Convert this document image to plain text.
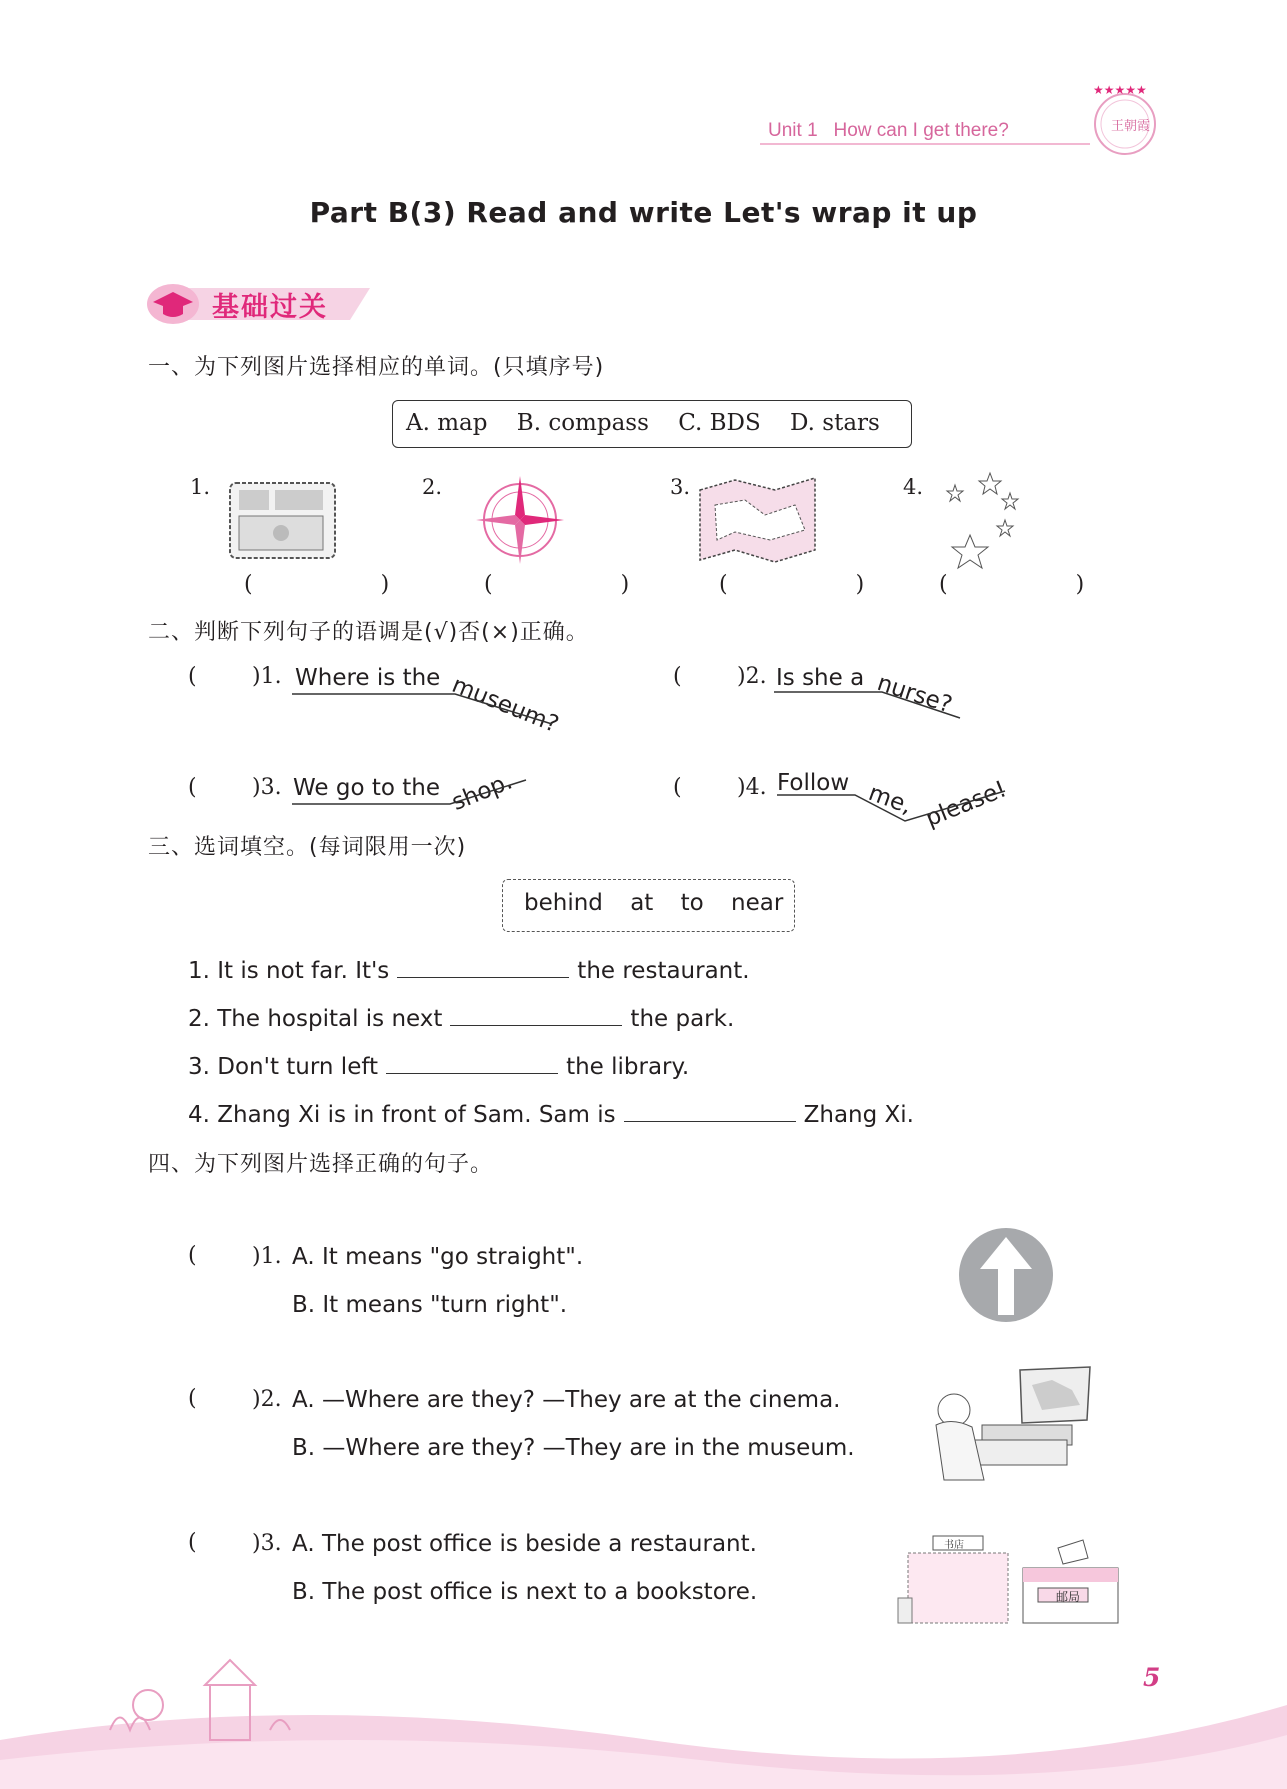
Unit 1 How can I get there?
★★★★★
王朝霞
Part B(3) Read and write Let's wrap it up
基础过关
一、为下列图片选择相应的单词。(只填序号)
A. map B. compass C. BDS D. stars
1.	2.	3.	4.
(　　)	(　　)	(　　) (　　)
二、判断下列句子的语调是(√)否(×)正确。
(	)1. Where is the museum?	(	)2. Is she a nurse?
(	)3. We go to the shop.	(	)4. Follow me, please!
三、选词填空。(每词限用一次)
behind at to near
1. It is not far. It's	the restaurant.
2. The hospital is next	the park.
3. Don't turn left	the library.
4. Zhang Xi is in front of Sam. Sam is	Zhang Xi.
四、为下列图片选择正确的句子。
(	)1. A. It means "go straight".
B. It means "turn right".
(	)2. A. —Where are they? —They are at the cinema.
B. —Where are they? —They are in the museum.
(	)3. A. The post office is beside a restaurant.
B. The post office is next to a bookstore.
书店
邮局
5
